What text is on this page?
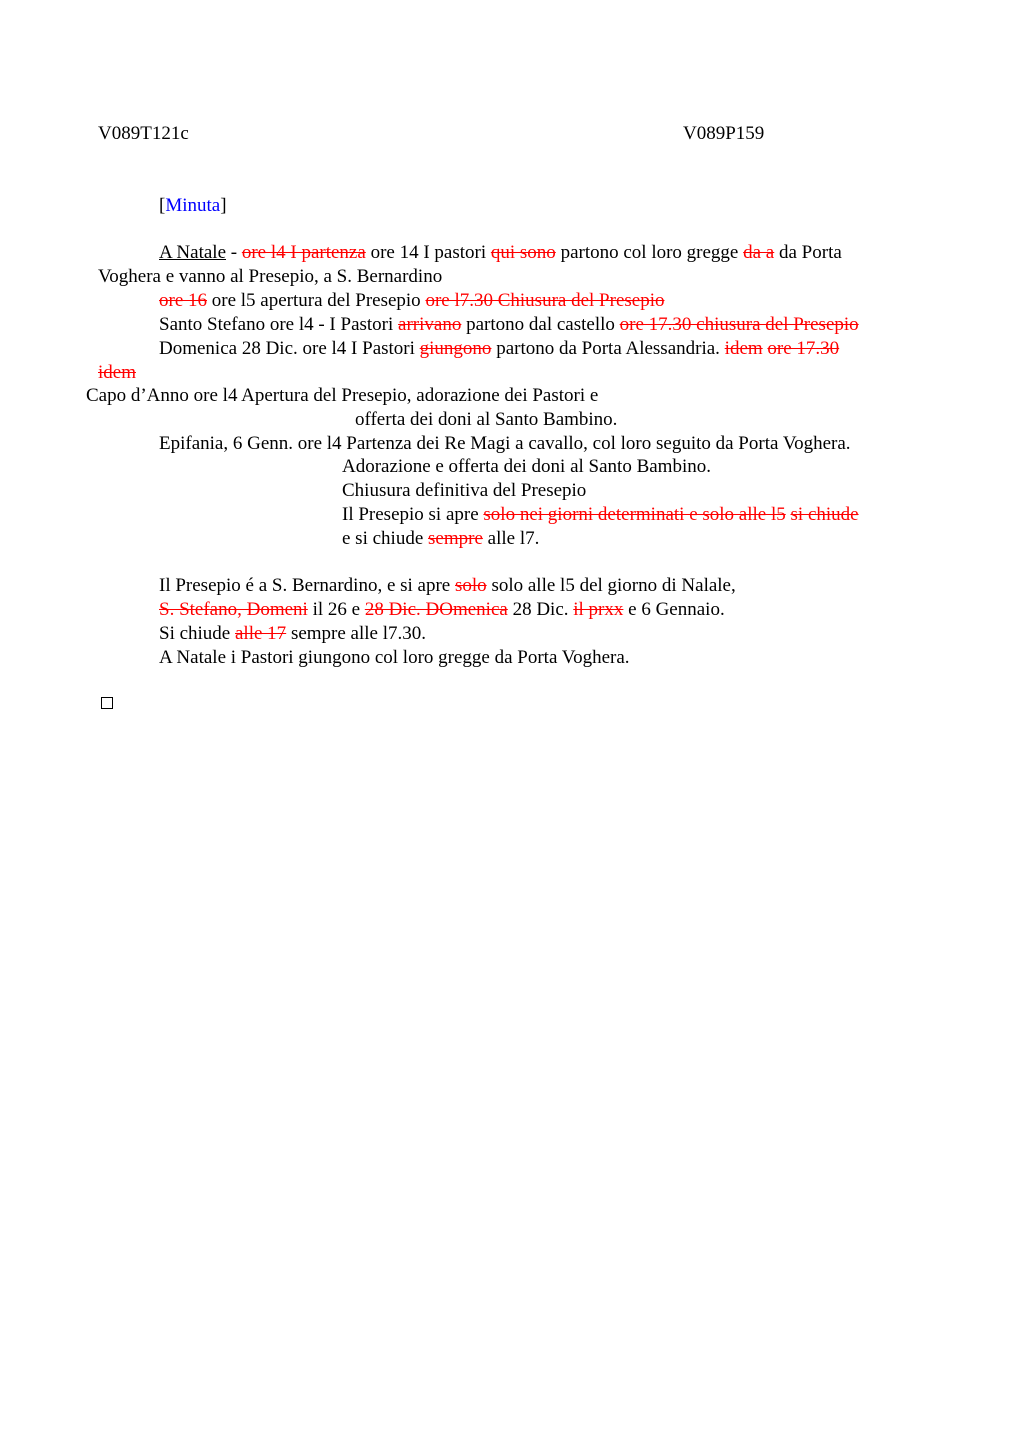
V089T121c	V089P159
[Minuta]
A Natale - ore l4 I partenza ore 14 I pastori qui sono partono col loro gregge da a da Porta
Voghera e vanno al Presepio, a S. Bernardino
ore 16 ore l5 apertura del Presepio ore l7.30 Chiusura del Presepio
Santo Stefano ore l4 - I Pastori arrivano partono dal castello ore 17.30 chiusura del Presepio
Domenica 28 Dic. ore l4 I Pastori giungono partono da Porta Alessandria. idem ore 17.30
idem
Capo d’Anno ore l4 Apertura del Presepio, adorazione dei Pastori e
offerta dei doni al Santo Bambino.
Epifania, 6 Genn. ore l4 Partenza dei Re Magi a cavallo, col loro seguito da Porta Voghera.
Adorazione e offerta dei doni al Santo Bambino.
Chiusura definitiva del Presepio
Il Presepio si apre solo nei giorni determinati e solo alle l5 si chiude
e si chiude sempre alle l7.
Il Presepio é a S. Bernardino, e si apre solo solo alle l5 del giorno di Nalale,
S. Stefano, Domeni il 26 e 28 Dic. DOmenica 28 Dic. il prxx e 6 Gennaio.
Si chiude alle 17 sempre alle l7.30.
A Natale i Pastori giungono col loro gregge da Porta Voghera.
